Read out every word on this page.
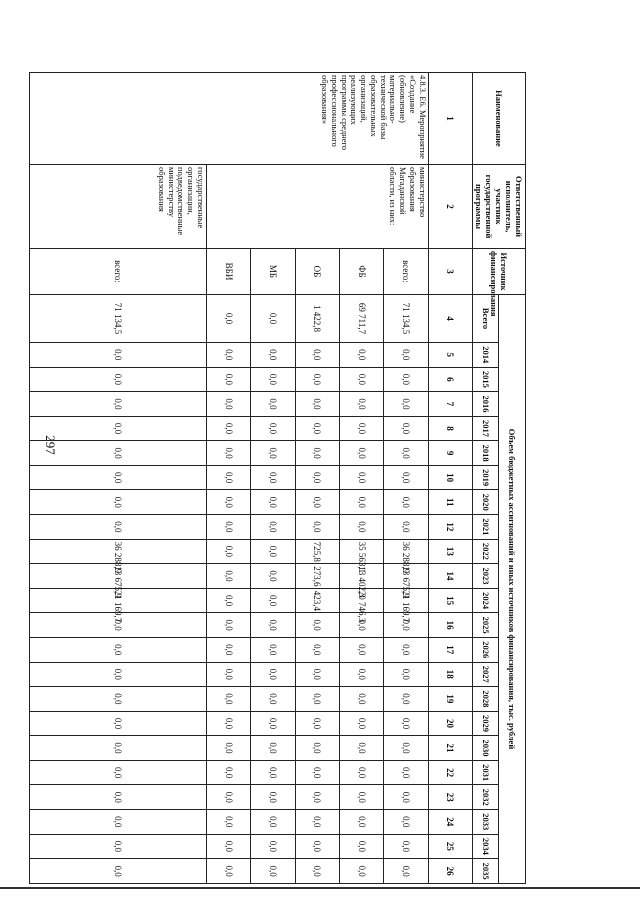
297
Наименование	Ответственный исполнитель, участник государственной программы	Источник финансирования	Объем бюджетных ассигнований и иных источников финансирования, тыс. рублей																						
			Всего	2014	2015	2016	2017	2018	2019	2020	2021	2022	2023	2024	2025	2026	2027	2028	2029	2030	2031	2032	2033	2034	2035
1	2	3	4	5	6	7	8	9	10	11	12	13	14	15	16	17	18	19	20	21	22	23	24	25	26
4.8.3. Е6. Мероприятие «Создание (обновление) материально-технической базы образовательных организаций, реализующих программы среднего профессионального образования»	министерство образования Магаданской области, из них:	всего:	71 134,5	0,0	0,0	0,0	0,0	0,0	0,0	0,0	0,0	36 288,9	13 675,9	21 169,7	0,0	0,0	0,0	0,0	0,0	0,0	0,0	0,0	0,0	0,0	0,0
		ФБ	69 711,7	0,0	0,0	0,0	0,0	0,0	0,0	0,0	0,0	35 563,1	13 402,3	20 746,3	0,0	0,0	0,0	0,0	0,0	0,0	0,0	0,0	0,0	0,0	0,0
		ОБ	1 422,8	0,0	0,0	0,0	0,0	0,0	0,0	0,0	0,0	725,8	273,6	423,4	0,0	0,0	0,0	0,0	0,0	0,0	0,0	0,0	0,0	0,0	0,0
		МБ	0,0	0,0	0,0	0,0	0,0	0,0	0,0	0,0	0,0	0,0	0,0	0,0	0,0	0,0	0,0	0,0	0,0	0,0	0,0	0,0	0,0	0,0	0,0
		ВБИ	0,0	0,0	0,0	0,0	0,0	0,0	0,0	0,0	0,0	0,0	0,0	0,0	0,0	0,0	0,0	0,0	0,0	0,0	0,0	0,0	0,0	0,0	0,0
	государственные организации, подведомственные министерству образования	всего:	71 134,5	0,0	0,0	0,0	0,0	0,0	0,0	0,0	0,0	36 288,9	13 675,9	21 169,7	0,0	0,0	0,0	0,0	0,0	0,0	0,0	0,0	0,0	0,0	0,0
